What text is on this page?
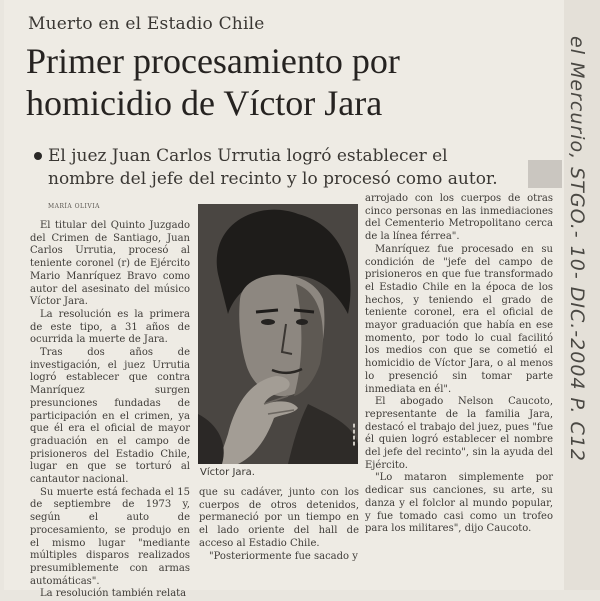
Muerto en el Estadio Chile
Primer procesamiento por
homicidio de Víctor Jara
El juez Juan Carlos Urrutia logró establecer el nombre del jefe del recinto y lo procesó como autor.
MARÍA OLIVIA

El titular del Quinto Juzgado del Crimen de Santiago, Juan Carlos Urrutia, procesó al teniente coronel (r) de Ejército Mario Manríquez Bravo como autor del asesinato del músico Víctor Jara.

La resolución es la primera de este tipo, a 31 años de ocurrida la muerte de Jara.

Tras dos años de investigación, el juez Urrutia logró establecer que contra Manríquez surgen presunciones fundadas de participación en el crimen, ya que él era el oficial de mayor graduación en el campo de prisioneros del Estadio Chile, lugar en que se torturó al cantautor nacional.

Su muerte está fechada el 15 de septiembre de 1973 y, según el auto de procesamiento, se produjo en el mismo lugar "mediante múltiples disparos realizados presumiblemente con armas automáticas".

La resolución también relata

▮▮▮▮
Víctor Jara.

que su cadáver, junto con los cuerpos de otros detenidos, permaneció por un tiempo en el lado oriente del hall de acceso al Estadio Chile.

"Posteriormente fue sacado y

arrojado con los cuerpos de otras cinco personas en las inmediaciones del Cementerio Metropolitano cerca de la línea férrea".

Manríquez fue procesado en su condición de "jefe del campo de prisioneros en que fue transformado el Estadio Chile en la época de los hechos, y teniendo el grado de teniente coronel, era el oficial de mayor graduación que había en ese momento, por todo lo cual facilitó los medios con que se cometió el homicidio de Víctor Jara, o al menos lo presenció sin tomar parte inmediata en él".

El abogado Nelson Caucoto, representante de la familia Jara, destacó el trabajo del juez, pues "fue él quien logró establecer el nombre del jefe del recinto", sin la ayuda del Ejército.

"Lo mataron simplemente por dedicar sus canciones, su arte, su danza y el folclor al mundo popular, y fue tomado casi como un trofeo para los militares", dijo Caucoto.

el Mercurio, STGO.- 10- DIC.-2004 P. C12
